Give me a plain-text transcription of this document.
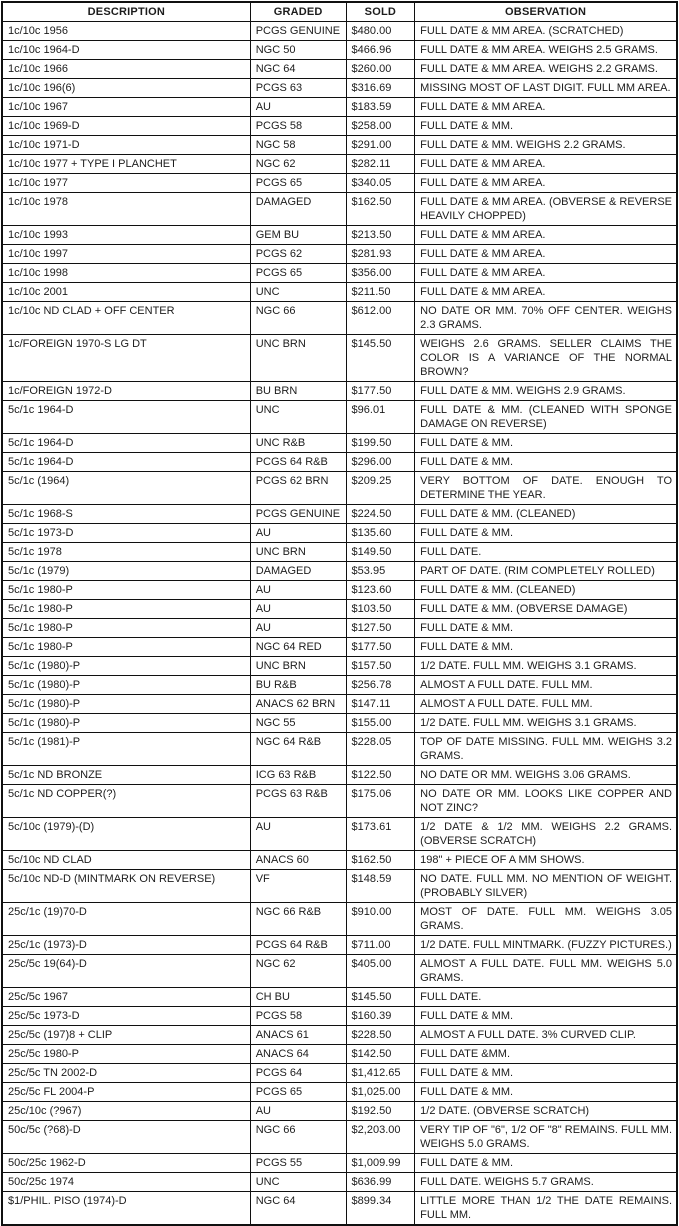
DESCRIPTION	GRADED	SOLD	OBSERVATION
1c/10c 1956	PCGS GENUINE	$480.00	FULL DATE & MM AREA. (SCRATCHED)
1c/10c 1964-D	NGC 50	$466.96	FULL DATE & MM AREA. WEIGHS 2.5 GRAMS.
1c/10c 1966	NGC 64	$260.00	FULL DATE & MM AREA. WEIGHS 2.2 GRAMS.
1c/10c 196(6)	PCGS 63	$316.69	MISSING MOST OF LAST DIGIT. FULL MM AREA.
1c/10c 1967	AU	$183.59	FULL DATE & MM AREA.
1c/10c 1969-D	PCGS 58	$258.00	FULL DATE & MM.
1c/10c 1971-D	NGC 58	$291.00	FULL DATE & MM. WEIGHS 2.2 GRAMS.
1c/10c 1977 + TYPE I PLANCHET	NGC 62	$282.11	FULL DATE & MM AREA.
1c/10c 1977	PCGS 65	$340.05	FULL DATE & MM AREA.
1c/10c 1978	DAMAGED	$162.50	FULL DATE & MM AREA. (OBVERSE & REVERSE HEAVILY CHOPPED)
1c/10c 1993	GEM BU	$213.50	FULL DATE & MM AREA.
1c/10c 1997	PCGS 62	$281.93	FULL DATE & MM AREA.
1c/10c 1998	PCGS 65	$356.00	FULL DATE & MM AREA.
1c/10c 2001	UNC	$211.50	FULL DATE & MM AREA.
1c/10c ND CLAD + OFF CENTER	NGC 66	$612.00	NO DATE OR MM. 70% OFF CENTER. WEIGHS 2.3 GRAMS.
1c/FOREIGN 1970-S LG DT	UNC BRN	$145.50	WEIGHS 2.6 GRAMS. SELLER CLAIMS THE COLOR IS A VARIANCE OF THE NORMAL BROWN?
1c/FOREIGN 1972-D	BU BRN	$177.50	FULL DATE & MM. WEIGHS 2.9 GRAMS.
5c/1c 1964-D	UNC	$96.01	FULL DATE & MM. (CLEANED WITH SPONGE DAMAGE ON REVERSE)
5c/1c 1964-D	UNC R&B	$199.50	FULL DATE & MM.
5c/1c 1964-D	PCGS 64 R&B	$296.00	FULL DATE & MM.
5c/1c (1964)	PCGS 62 BRN	$209.25	VERY BOTTOM OF DATE. ENOUGH TO DETERMINE THE YEAR.
5c/1c 1968-S	PCGS GENUINE	$224.50	FULL DATE & MM. (CLEANED)
5c/1c 1973-D	AU	$135.60	FULL DATE & MM.
5c/1c 1978	UNC BRN	$149.50	FULL DATE.
5c/1c (1979)	DAMAGED	$53.95	PART OF DATE. (RIM COMPLETELY ROLLED)
5c/1c 1980-P	AU	$123.60	FULL DATE & MM. (CLEANED)
5c/1c 1980-P	AU	$103.50	FULL DATE & MM. (OBVERSE DAMAGE)
5c/1c 1980-P	AU	$127.50	FULL DATE & MM.
5c/1c 1980-P	NGC 64 RED	$177.50	FULL DATE & MM.
5c/1c (1980)-P	UNC BRN	$157.50	1/2 DATE. FULL MM. WEIGHS 3.1 GRAMS.
5c/1c (1980)-P	BU R&B	$256.78	ALMOST A FULL DATE. FULL MM.
5c/1c (1980)-P	ANACS 62 BRN	$147.11	ALMOST A FULL DATE. FULL MM.
5c/1c (1980)-P	NGC 55	$155.00	1/2 DATE. FULL MM. WEIGHS 3.1 GRAMS.
5c/1c (1981)-P	NGC 64 R&B	$228.05	TOP OF DATE MISSING. FULL MM. WEIGHS 3.2 GRAMS.
5c/1c ND BRONZE	ICG 63 R&B	$122.50	NO DATE OR MM. WEIGHS 3.06 GRAMS.
5c/1c ND COPPER(?)	PCGS 63 R&B	$175.06	NO DATE OR MM. LOOKS LIKE COPPER AND NOT ZINC?
5c/10c (1979)-(D)	AU	$173.61	1/2 DATE & 1/2 MM. WEIGHS 2.2 GRAMS. (OBVERSE SCRATCH)
5c/10c ND CLAD	ANACS 60	$162.50	198" + PIECE OF A MM SHOWS.
5c/10c ND-D (MINTMARK ON REVERSE)	VF	$148.59	NO DATE. FULL MM. NO MENTION OF WEIGHT. (PROBABLY SILVER)
25c/1c (19)70-D	NGC 66 R&B	$910.00	MOST OF DATE. FULL MM. WEIGHS 3.05 GRAMS.
25c/1c (1973)-D	PCGS 64 R&B	$711.00	1/2 DATE. FULL MINTMARK. (FUZZY PICTURES.)
25c/5c 19(64)-D	NGC 62	$405.00	ALMOST A FULL DATE. FULL MM. WEIGHS 5.0 GRAMS.
25c/5c 1967	CH BU	$145.50	FULL DATE.
25c/5c 1973-D	PCGS 58	$160.39	FULL DATE & MM.
25c/5c (197)8 + CLIP	ANACS 61	$228.50	ALMOST A FULL DATE. 3% CURVED CLIP.
25c/5c 1980-P	ANACS 64	$142.50	FULL DATE &MM.
25c/5c TN 2002-D	PCGS 64	$1,412.65	FULL DATE & MM.
25c/5c FL 2004-P	PCGS 65	$1,025.00	FULL DATE & MM.
25c/10c (?967)	AU	$192.50	1/2 DATE. (OBVERSE SCRATCH)
50c/5c (?68)-D	NGC 66	$2,203.00	VERY TIP OF "6", 1/2 OF "8" REMAINS. FULL MM. WEIGHS 5.0 GRAMS.
50c/25c 1962-D	PCGS 55	$1,009.99	FULL DATE & MM.
50c/25c 1974	UNC	$636.99	FULL DATE. WEIGHS 5.7 GRAMS.
$1/PHIL. PISO (1974)-D	NGC 64	$899.34	LITTLE MORE THAN 1/2 THE DATE REMAINS. FULL MM.
